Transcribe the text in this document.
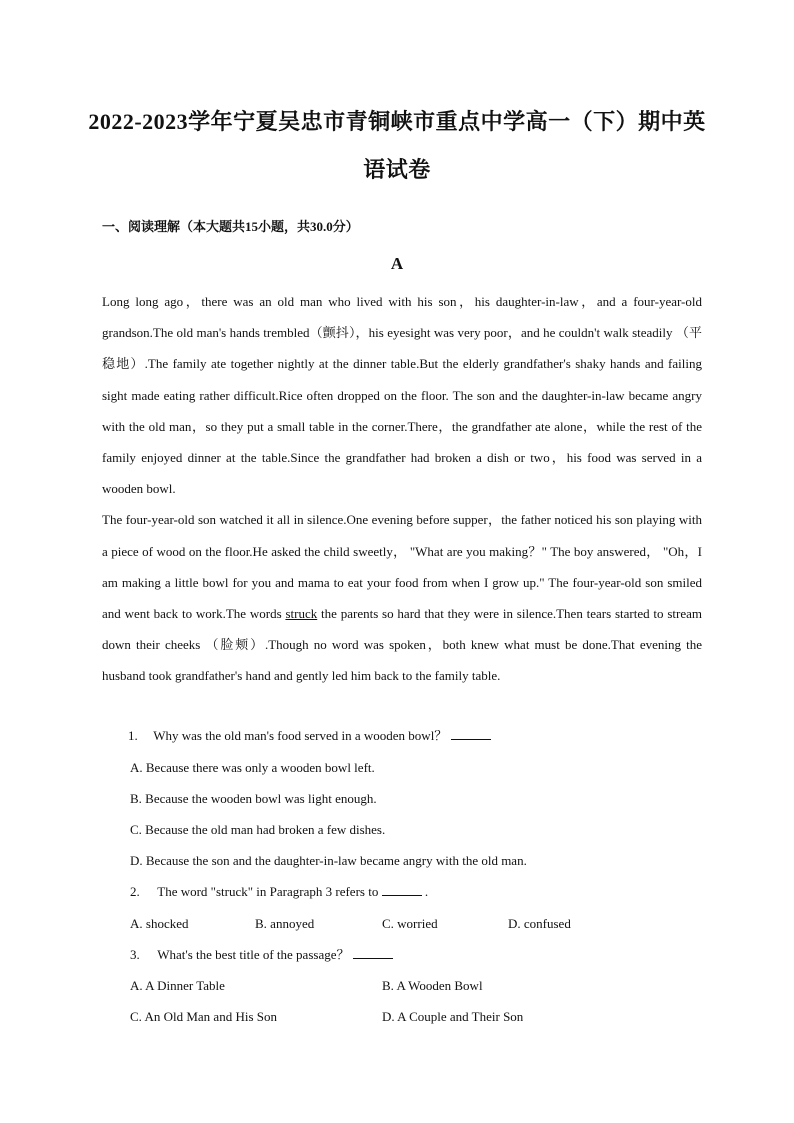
2022-2023学年宁夏吴忠市青铜峡市重点中学高一（下）期中英
语试卷
一、阅读理解（本大题共15小题，共30.0分）
A

Long long ago，there was an old man who lived with his son，his daughter-in-law，and a four-year-old grandson.The old man's hands trembled（颤抖），his eyesight was very poor，and he couldn't walk steadily （平稳地）.The family ate together nightly at the dinner table.But the elderly grandfather's shaky hands and failing sight made eating rather difficult.Rice often dropped on the floor. The son and the daughter-in-law became angry with the old man，so they put a small table in the corner.There，the grandfather ate alone，while the rest of the family enjoyed dinner at the table.Since the grandfather had broken a dish or two，his food was served in a wooden bowl.

The four-year-old son watched it all in silence.One evening before supper，the father noticed his son playing with a piece of wood on the floor.He asked the child sweetly， "What are you making？" The boy answered， "Oh，I am making a little bowl for you and mama to eat your food from when I grow up." The four-year-old son smiled and went back to work.The words struck the parents so hard that they were in silence.Then tears started to stream down their cheeks （脸颊）.Though no word was spoken，both knew what must be done.That evening the husband took grandfather's hand and gently led him back to the family table.

1. Why was the old man's food served in a wooden bowl？
A. Because there was only a wooden bowl left.
B. Because the wooden bowl was light enough.
C. Because the old man had broken a few dishes.
D. Because the son and the daughter-in-law became angry with the old man.
2. The word "struck" in Paragraph 3 refers to	.
A. shocked	B. annoyed	C. worried	D. confused
3. What's the best title of the passage？
A. A Dinner Table	B. A Wooden Bowl
C. An Old Man and His Son	D. A Couple and Their Son
